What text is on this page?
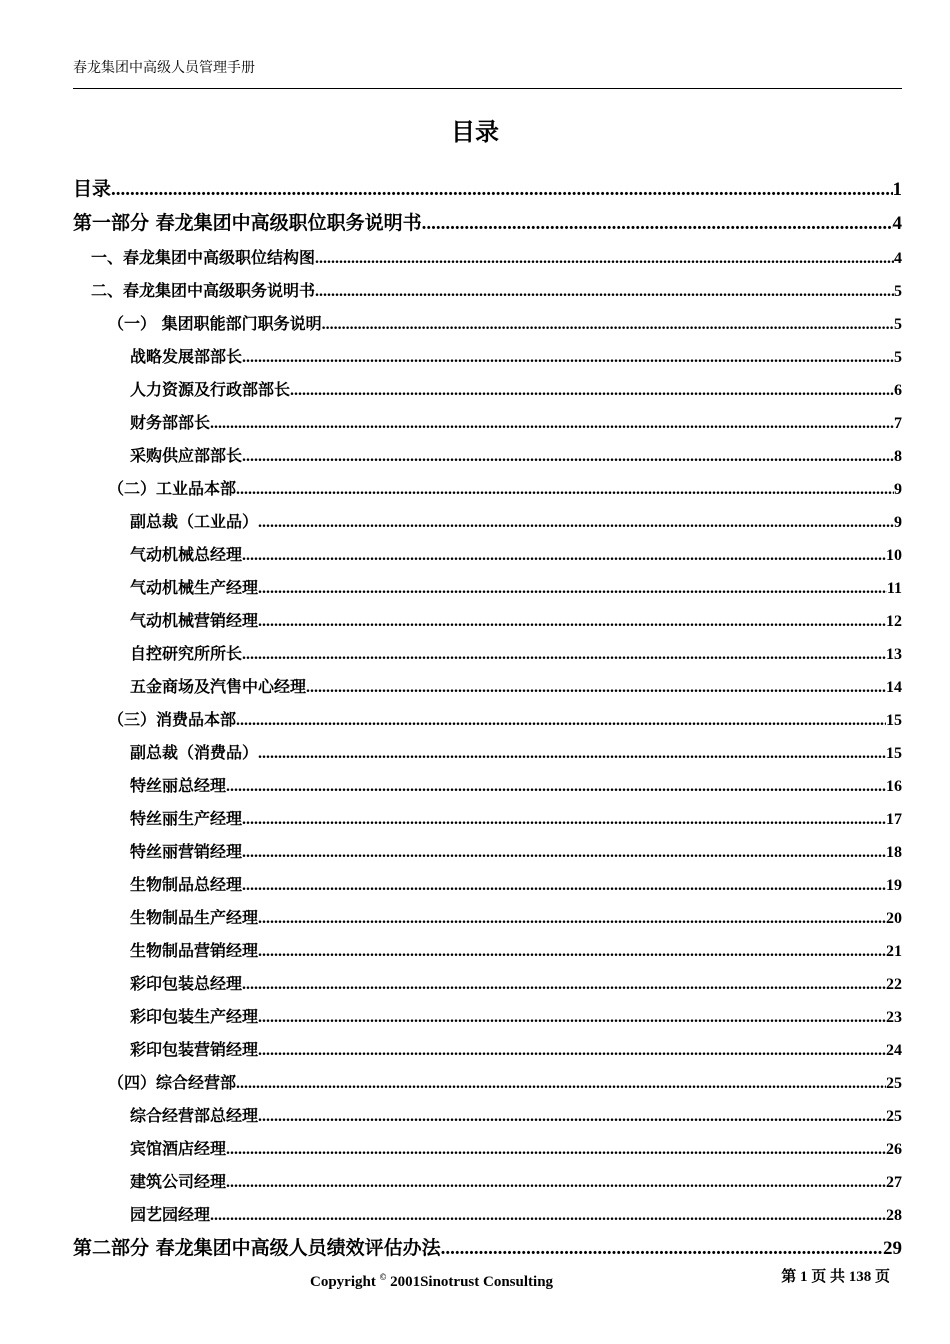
春龙集团中高级人员管理手册
目录
目录 .....	1
第一部分 春龙集团中高级职位职务说明书 .....	4
一、春龙集团中高级职位结构图 .....	4
二、春龙集团中高级职务说明书 .....	5
（一） 集团职能部门职务说明 .....	5
战略发展部部长 .....	5
人力资源及行政部部长 .....	6
财务部部长 .....	7
采购供应部部长 .....	8
（二）工业品本部 .....	9
副总裁（工业品） .....	9
气动机械总经理 .....	10
气动机械生产经理 .....	11
气动机械营销经理 .....	12
自控研究所所长 .....	13
五金商场及汽售中心经理 .....	14
（三）消费品本部 .....	15
副总裁（消费品） .....	15
特丝丽总经理 .....	16
特丝丽生产经理 .....	17
特丝丽营销经理 .....	18
生物制品总经理 .....	19
生物制品生产经理 .....	20
生物制品营销经理 .....	21
彩印包装总经理 .....	22
彩印包装生产经理 .....	23
彩印包装营销经理 .....	24
（四）综合经营部 .....	25
综合经营部总经理 .....	25
宾馆酒店经理 .....	26
建筑公司经理 .....	27
园艺园经理 .....	28
第二部分 春龙集团中高级人员绩效评估办法 .....	29
Copyright © 2001Sinotrust Consulting	第 1 页 共 138 页
